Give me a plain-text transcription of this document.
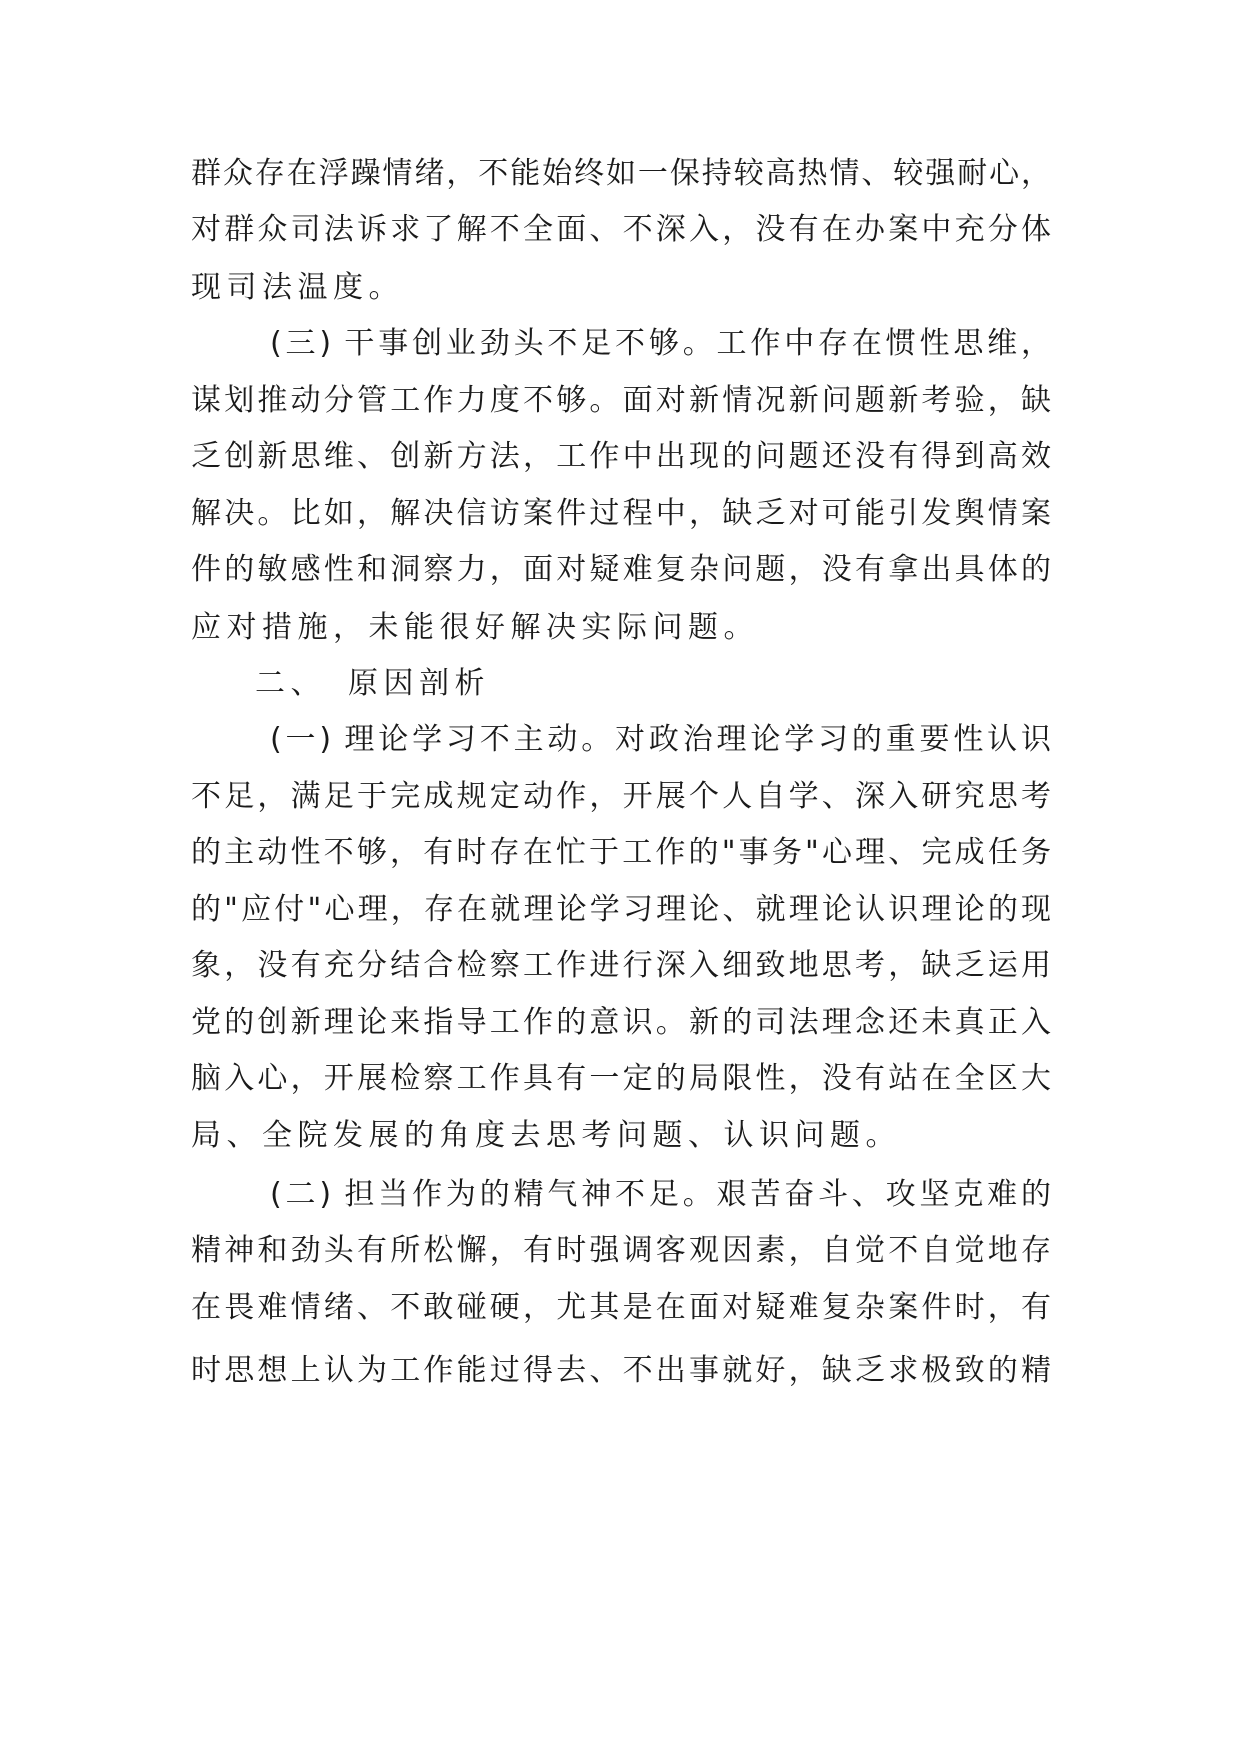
群众存在浮躁情绪，不能始终如一保持较高热情、较强耐心，
对群众司法诉求了解不全面、不深入，没有在办案中充分体
现司法温度。
(三) 干事创业劲头不足不够。工作中存在惯性思维，
谋划推动分管工作力度不够。面对新情况新问题新考验，缺
乏创新思维、创新方法，工作中出现的问题还没有得到高效
解决。比如，解决信访案件过程中，缺乏对可能引发舆情案
件的敏感性和洞察力，面对疑难复杂问题，没有拿出具体的
应对措施，未能很好解决实际问题。
二、 原因剖析
(一) 理论学习不主动。对政治理论学习的重要性认识
不足，满足于完成规定动作，开展个人自学、深入研究思考
的主动性不够，有时存在忙于工作的"事务"心理、完成任务
的"应付"心理，存在就理论学习理论、就理论认识理论的现
象，没有充分结合检察工作进行深入细致地思考，缺乏运用
党的创新理论来指导工作的意识。新的司法理念还未真正入
脑入心，开展检察工作具有一定的局限性，没有站在全区大
局、全院发展的角度去思考问题、认识问题。
(二) 担当作为的精气神不足。艰苦奋斗、攻坚克难的
精神和劲头有所松懈，有时强调客观因素，自觉不自觉地存
在畏难情绪、不敢碰硬，尤其是在面对疑难复杂案件时，有
时思想上认为工作能过得去、不出事就好，缺乏求极致的精
